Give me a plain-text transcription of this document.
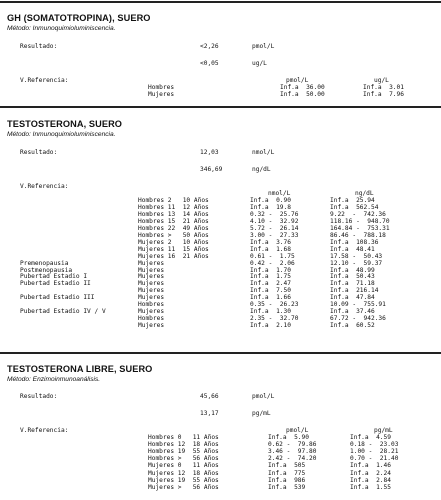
GH (SOMATOTROPINA), SUERO
Método: Inmunoquimioluminiscencia.
Resultado:	<2,26	pmol/L
<0,05	ug/L
V.Referencia:	pmol/L	ug/L
Hombres	Inf.a  36.00	Inf.a  3.01
Mujeres	Inf.a  50.00	Inf.a  7.96
TESTOSTERONA, SUERO
Método: Inmunoquimioluminiscencia.
Resultado:	12,03	nmol/L
346,69	ng/dL
V.Referencia:
nmol/L	ng/dL
Hombres 2   10 Años	Inf.a  0.90	Inf.a  25.94
Hombres 11  12 Años	Inf.a  19.8	Inf.a  562.54
Hombres 13  14 Años	0.32 -  25.76	9.22  -  742.36
Hombres 15  21 Años	4.10 -  32.92	118.16 -  948.70
Hombres 22  49 Años	5.72 -  26.14	164.84 -  753.31
Hombres >   50 Años	3.00 -  27.33	86.46 -  788.18
Mujeres 2   10 Años	Inf.a  3.76	Inf.a  108.36
Mujeres 11  15 Años	Inf.a  1.68	Inf.a  48.41
Mujeres 16  21 Años	0.61 -  1.75	17.58 -  50.43
Premenopausia	Mujeres	0.42 -  2.06	12.10 -  59.37
Postmenopausia	Mujeres	Inf.a  1.70	Inf.a  48.99
Pubertad Estadio I	Mujeres	Inf.a  1.75	Inf.a  50.43
Pubertad Estadio II	Mujeres	Inf.a  2.47	Inf.a  71.18
Mujeres	Inf.a  7.50	Inf.a  216.14
Pubertad Estadio III	Mujeres	Inf.a  1.66	Inf.a  47.84
Hombres	0.35 -  26.23	10.09 -  755.91
Pubertad Estadio IV / V	Mujeres	Inf.a  1.30	Inf.a  37.46
Hombres	2.35 -  32.70	67.72 -  942.36
Mujeres	Inf.a  2.10	Inf.a  60.52
TESTOSTERONA LIBRE, SUERO
Método: Enzimoinmunoanálisis.
Resultado:	45,66	pmol/L
13,17	pg/mL
V.Referencia:	pmol/L	pg/mL
Hombres 0   11 Años	Inf.a  5.90	Inf.a  4.59
Hombres 12  18 Años	0.62 -  79.86	0.18 -  23.03
Hombres 19  55 Años	3.46 -  97.80	1.00 -  28.21
Hombres >   56 Años	2.42 -  74.20	0.70 -  21.40
Mujeres 0   11 Años	Inf.a  505	Inf.a  1.46
Mujeres 12  18 Años	Inf.a  775	Inf.a  2.24
Mujeres 19  55 Años	Inf.a  986	Inf.a  2.84
Mujeres >   56 Años	Inf.a  539	Inf.a  1.55
